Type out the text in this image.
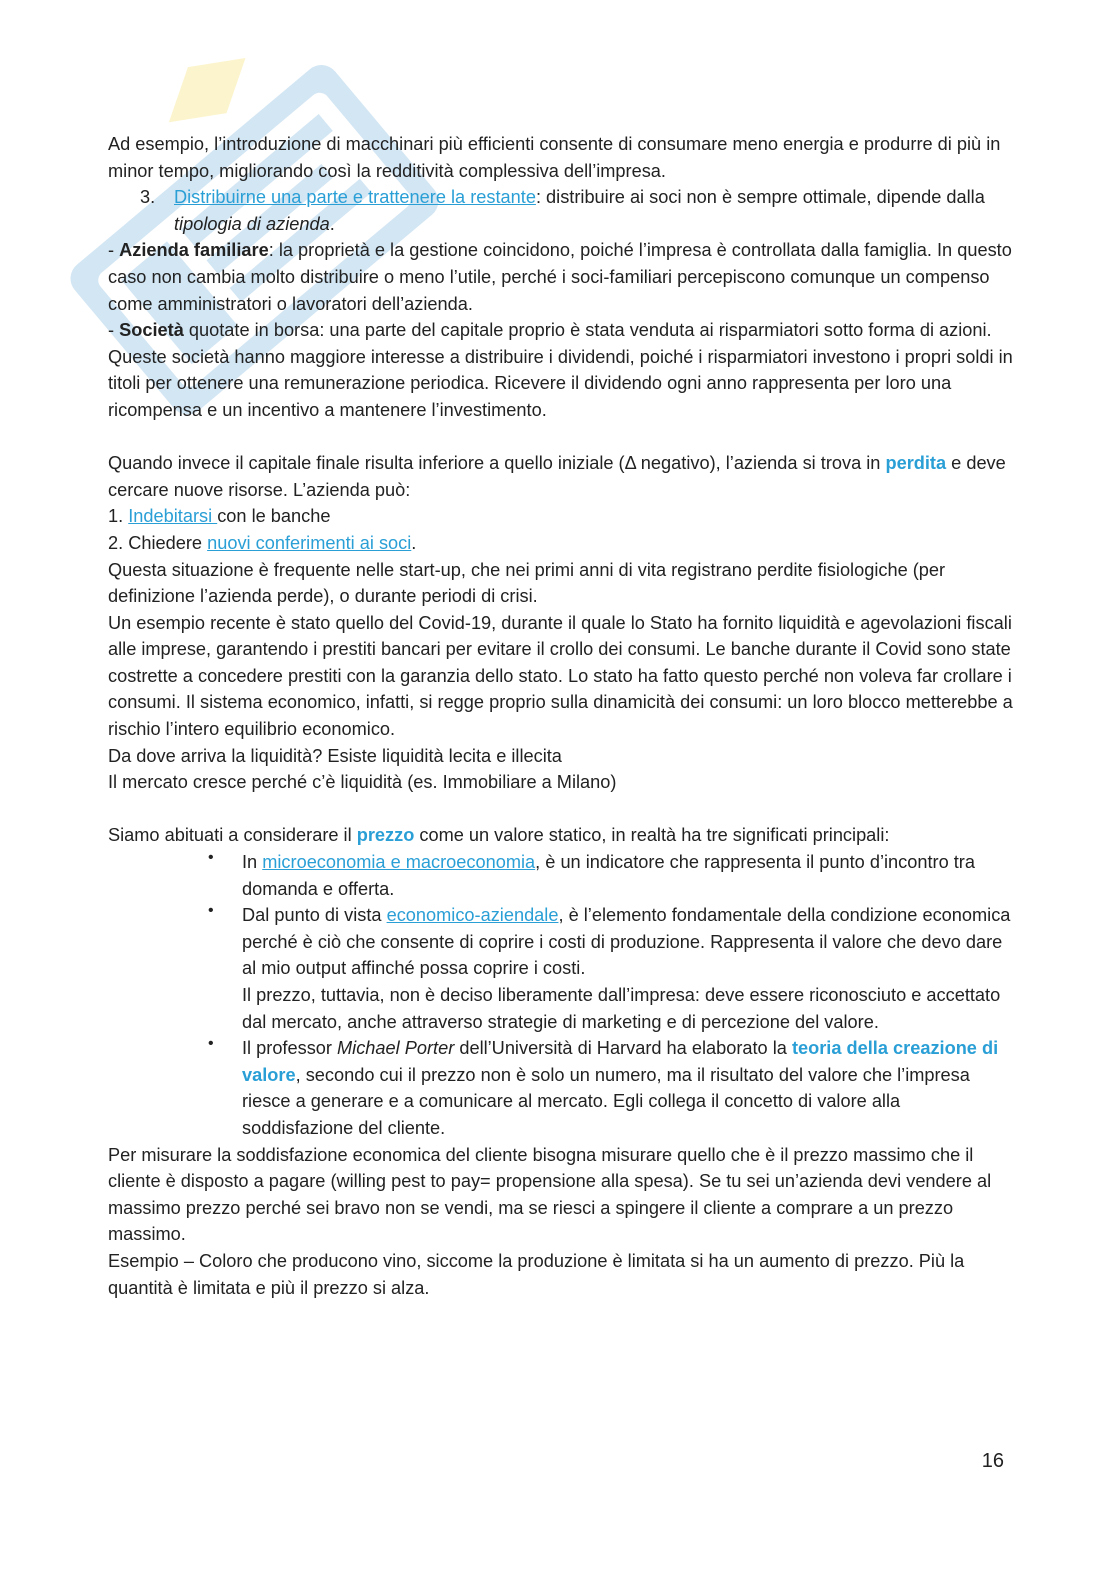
Ad esempio, l’introduzione di macchinari più efficienti consente di consumare meno energia e produrre di più in minor tempo, migliorando così la redditività complessiva dell’impresa.

3. Distribuirne una parte e trattenere la restante: distribuire ai soci non è sempre ottimale, dipende dalla tipologia di azienda.

- Azienda familiare: la proprietà e la gestione coincidono, poiché l’impresa è controllata dalla famiglia. In questo caso non cambia molto distribuire o meno l’utile, perché i soci-familiari percepiscono comunque un compenso come amministratori o lavoratori dell’azienda.

- Società quotate in borsa: una parte del capitale proprio è stata venduta ai risparmiatori sotto forma di azioni. Queste società hanno maggiore interesse a distribuire i dividendi, poiché i risparmiatori investono i propri soldi in titoli per ottenere una remunerazione periodica. Ricevere il dividendo ogni anno rappresenta per loro una ricompensa e un incentivo a mantenere l’investimento.

Quando invece il capitale finale risulta inferiore a quello iniziale (Δ negativo), l’azienda si trova in perdita e deve cercare nuove risorse. L’azienda può:

1. Indebitarsi con le banche

2. Chiedere nuovi conferimenti ai soci.

Questa situazione è frequente nelle start-up, che nei primi anni di vita registrano perdite fisiologiche (per definizione l’azienda perde), o durante periodi di crisi.

Un esempio recente è stato quello del Covid-19, durante il quale lo Stato ha fornito liquidità e agevolazioni fiscali alle imprese, garantendo i prestiti bancari per evitare il crollo dei consumi. Le banche durante il Covid sono state costrette a concedere prestiti con la garanzia dello stato. Lo stato ha fatto questo perché non voleva far crollare i consumi. Il sistema economico, infatti, si regge proprio sulla dinamicità dei consumi: un loro blocco metterebbe a rischio l’intero equilibrio economico.

Da dove arriva la liquidità? Esiste liquidità lecita e illecita

Il mercato cresce perché c’è liquidità (es. Immobiliare a Milano)

Siamo abituati a considerare il prezzo come un valore statico, in realtà ha tre significati principali:

• In microeconomia e macroeconomia, è un indicatore che rappresenta il punto d’incontro tra domanda e offerta.
• Dal punto di vista economico-aziendale, è l’elemento fondamentale della condizione economica perché è ciò che consente di coprire i costi di produzione. Rappresenta il valore che devo dare al mio output affinché possa coprire i costi.
Il prezzo, tuttavia, non è deciso liberamente dall’impresa: deve essere riconosciuto e accettato dal mercato, anche attraverso strategie di marketing e di percezione del valore.
• Il professor Michael Porter dell’Università di Harvard ha elaborato la teoria della creazione di valore, secondo cui il prezzo non è solo un numero, ma il risultato del valore che l’impresa riesce a generare e a comunicare al mercato. Egli collega il concetto di valore alla soddisfazione del cliente.

Per misurare la soddisfazione economica del cliente bisogna misurare quello che è il prezzo massimo che il cliente è disposto a pagare (willing pest to pay= propensione alla spesa). Se tu sei un’azienda devi vendere al massimo prezzo perché sei bravo non se vendi, ma se riesci a spingere il cliente a comprare a un prezzo massimo.

Esempio – Coloro che producono vino, siccome la produzione è limitata si ha un aumento di prezzo. Più la quantità è limitata e più il prezzo si alza.

16
